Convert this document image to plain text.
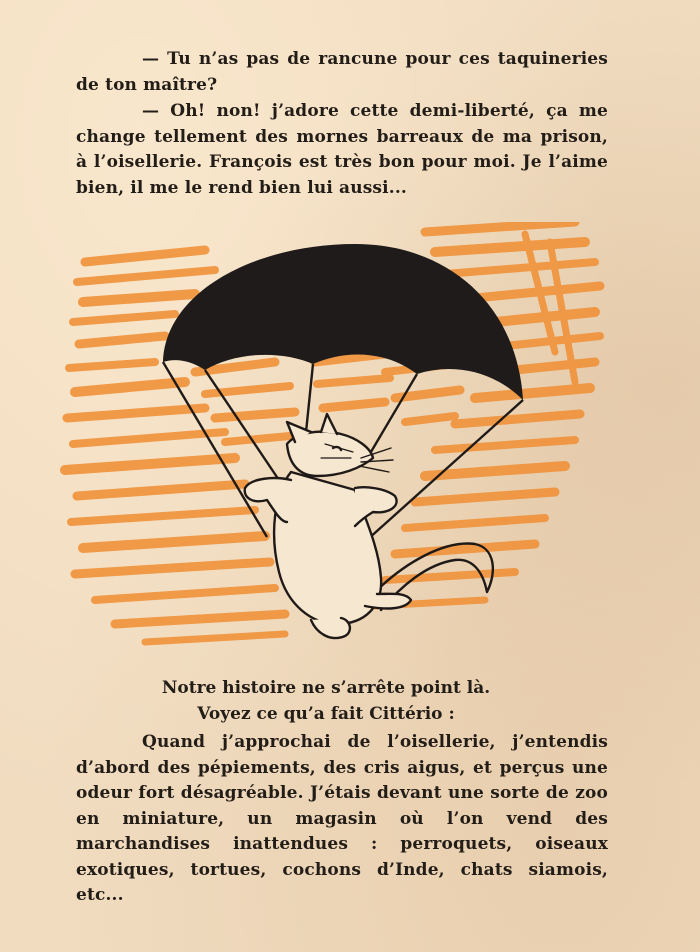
— Tu n’as pas de rancune pour ces taquineries de ton maître?

— Oh! non! j’adore cette demi-liberté, ça me change tellement des mornes barreaux de ma prison, à l’oisellerie. François est très bon pour moi. Je l’aime bien, il me le rend bien lui aussi...

Notre histoire ne s’arrête point là.

Voyez ce qu’a fait Cittério :

Quand j’approchai de l’oisellerie, j’entendis d’abord des pépiements, des cris aigus, et perçus une odeur fort désagréable. J’étais devant une sorte de zoo en miniature, un magasin où l’on vend des marchandises inattendues : perroquets, oiseaux exotiques, tortues, cochons d’Inde, chats siamois, etc...
